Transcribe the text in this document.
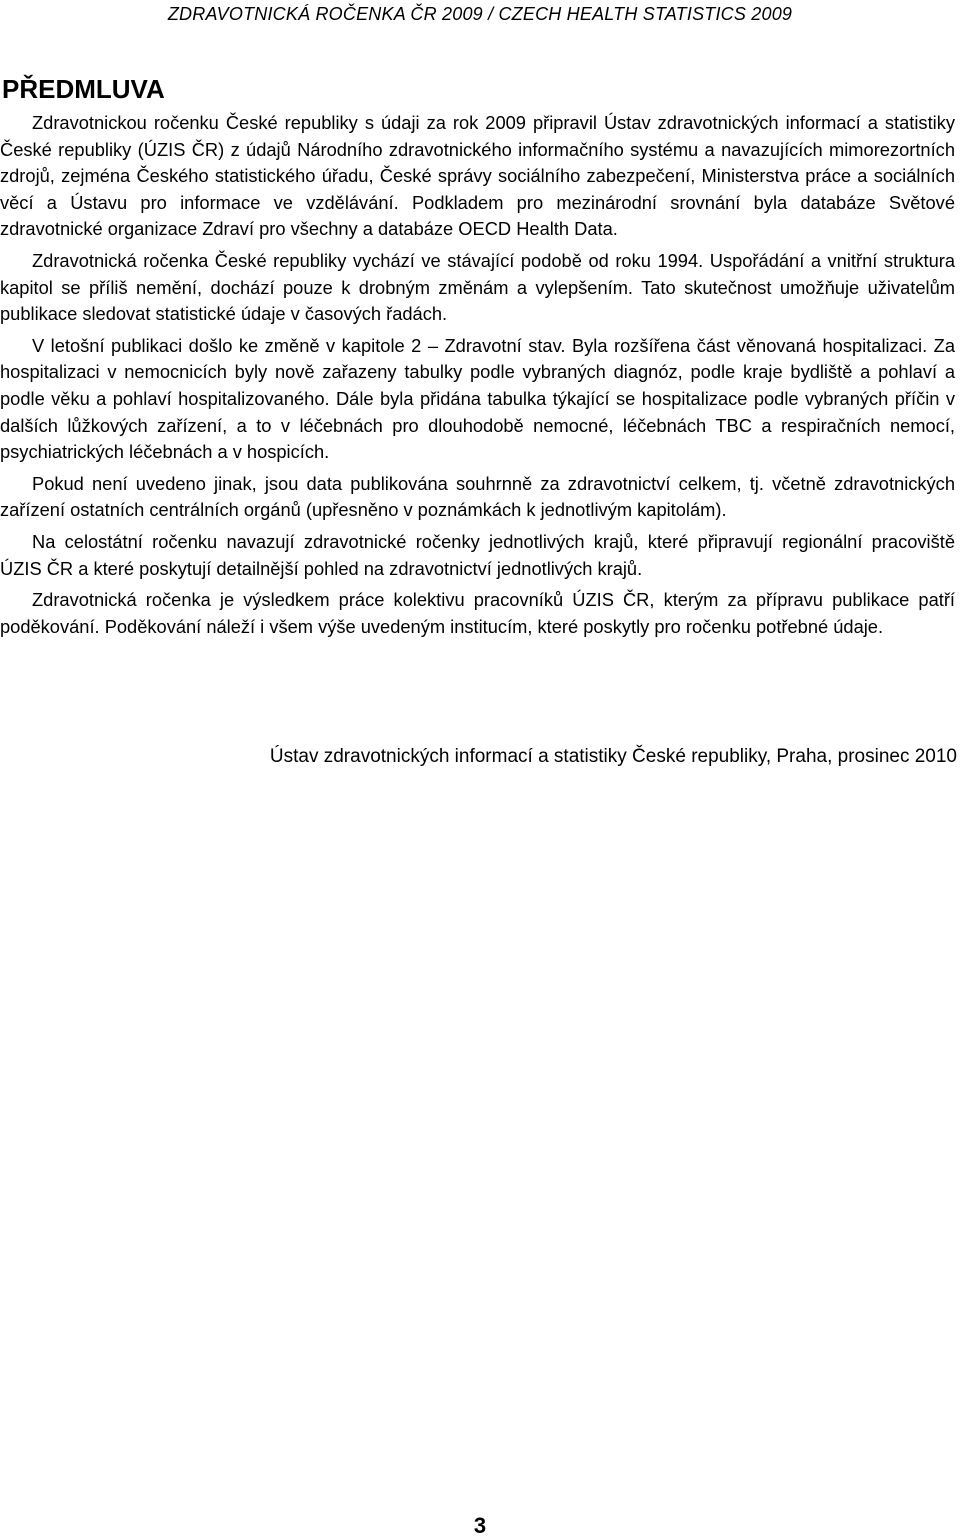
ZDRAVOTNICKÁ ROČENKA ČR 2009 / CZECH HEALTH STATISTICS 2009
PŘEDMLUVA

Zdravotnickou ročenku České republiky s údaji za rok 2009 připravil Ústav zdravotnických informací a statistiky České republiky (ÚZIS ČR) z údajů Národního zdravotnického informačního systému a navazujících mimorezortních zdrojů, zejména Českého statistického úřadu, České správy sociálního zabezpečení, Ministerstva práce a sociálních věcí a Ústavu pro informace ve vzdělávání. Podkladem pro mezinárodní srovnání byla databáze Světové zdravotnické organizace Zdraví pro všechny a databáze OECD Health Data.

Zdravotnická ročenka České republiky vychází ve stávající podobě od roku 1994. Uspořádání a vnitřní struktura kapitol se příliš nemění, dochází pouze k drobným změnám a vylepšením. Tato skutečnost umožňuje uživatelům publikace sledovat statistické údaje v časových řadách.

V letošní publikaci došlo ke změně v kapitole 2 – Zdravotní stav. Byla rozšířena část věnovaná hospitalizaci. Za hospitalizaci v nemocnicích byly nově zařazeny tabulky podle vybraných diagnóz, podle kraje bydliště a pohlaví a podle věku a pohlaví hospitalizovaného. Dále byla přidána tabulka týkající se hospitalizace podle vybraných příčin v dalších lůžkových zařízení, a to v léčebnách pro dlouhodobě nemocné, léčebnách TBC a respiračních nemocí, psychiatrických léčebnách a v hospicích.

Pokud není uvedeno jinak, jsou data publikována souhrnně za zdravotnictví celkem, tj. včetně zdravotnických zařízení ostatních centrálních orgánů (upřesněno v poznámkách k jednotlivým kapitolám).

Na celostátní ročenku navazují zdravotnické ročenky jednotlivých krajů, které připravují regionální pracoviště ÚZIS ČR a které poskytují detailnější pohled na zdravotnictví jednotlivých krajů.

Zdravotnická ročenka je výsledkem práce kolektivu pracovníků ÚZIS ČR, kterým za přípravu publikace patří poděkování. Poděkování náleží i všem výše uvedeným institucím, které poskytly pro ročenku potřebné údaje.

Ústav zdravotnických informací a statistiky České republiky, Praha, prosinec 2010
3
